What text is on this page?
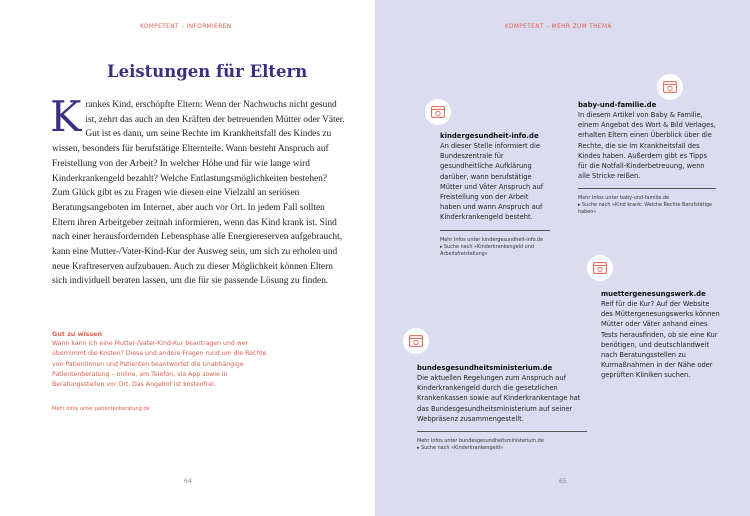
KOMPETENT – INFORMIEREN
Leistungen für Eltern

Krankes Kind, erschöpfte Eltern: Wenn der Nachwuchs nicht gesund ist, zehrt das auch an den Kräften der betreuenden Mütter oder Väter. Gut ist es dann, um seine Rechte im Krankheitsfall des Kindes zu wissen, besonders für berufstätige Elternteile. Wann besteht Anspruch auf Freistellung von der Arbeit? In welcher Höhe und für wie lange wird Kinderkrankengeld bezahlt? Welche Entlastungsmöglichkeiten bestehen? Zum Glück gibt es zu Fragen wie diesen eine Vielzahl an seriösen Beratungsangeboten im Internet, aber auch vor Ort. In jedem Fall sollten Eltern ihren Arbeitgeber zeitnah informieren, wenn das Kind krank ist. Sind nach einer herausfordernden Lebensphase alle Energiereserven aufgebraucht, kann eine Mutter-/Vater-Kind-Kur der Ausweg sein, um sich zu erholen und neue Kraftreserven aufzubauen. Auch zu dieser Möglichkeit können Eltern sich individuell beraten lassen, um die für sie passende Lösung zu finden.

Gut zu wissen

Wann kann ich eine Mutter-/Vater-Kind-Kur beantragen und wer übernimmt die Kosten? Diese und andere Fragen rund um die Rechte von Patientinnen und Patienten beantwortet die Unabhängige Patientenberatung – online, am Telefon, via App sowie in Beratungsstellen vor Ort. Das Angebot ist kostenfrei.

Mehr Infos unter patientenberatung.de
64
KOMPETENT – MEHR ZUM THEMA
kindergesundheit-info.de

An dieser Stelle informiert die Bundeszentrale für gesundheitliche Aufklärung darüber, wann berufstätige Mütter und Väter Anspruch auf Freistellung von der Arbeit haben und wann Anspruch auf Kinderkrankengeld besteht.

Mehr Infos unter kindergesundheit-info.de

▸ Suche nach »Kinderkrankengeld und Arbeitsfreistellung«

baby-und-familie.de

In diesem Artikel von Baby & Familie, einem Angebot des Wort & Bild Verlages, erhalten Eltern einen Überblick über die Rechte, die sie im Krankheitsfall des Kindes haben. Außerdem gibt es Tipps für die Notfall-Kinderbetreuung, wenn alle Stricke reißen.

Mehr Infos unter baby-und-familie.de

▸ Suche nach »Kind krank: Welche Rechte Berufstätige haben«

muettergenesungswerk.de

Reif für die Kur? Auf der Website des Müttergenesungswerks können Mütter oder Väter anhand eines Tests herausfinden, ob sie eine Kur benötigen, und deutschlandweit nach Beratungsstellen zu Kurmaßnahmen in der Nähe oder geprüften Kliniken suchen.

bundesgesundheitsministerium.de

Die aktuellen Regelungen zum Anspruch auf Kinderkrankengeld durch die gesetzlichen Krankenkassen sowie auf Kinderkrankentage hat das Bundesgesundheitsministerium auf seiner Webpräsenz zusammengestellt.

Mehr Infos unter bundesgesundheitsministerium.de

▸ Suche nach »Kinderkrankengeld«

65
